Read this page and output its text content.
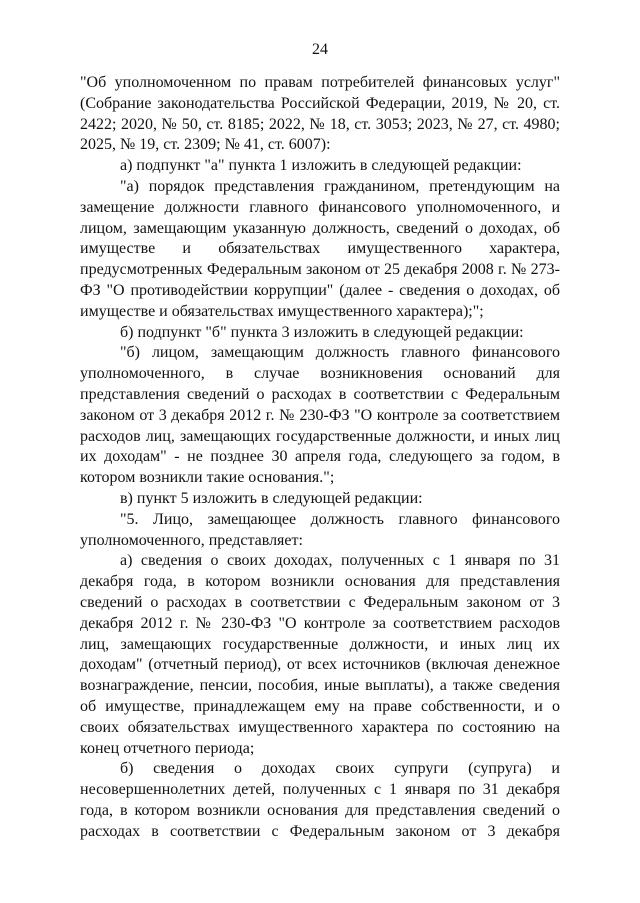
24

"Об уполномоченном по правам потребителей финансовых услуг" (Собрание законодательства Российской Федерации, 2019, № 20, ст. 2422; 2020, № 50, ст. 8185; 2022, № 18, ст. 3053; 2023, № 27, ст. 4980; 2025, № 19, ст. 2309; № 41, ст. 6007):

а) подпункт "а" пункта 1 изложить в следующей редакции:

"а) порядок представления гражданином, претендующим на замещение должности главного финансового уполномоченного, и лицом, замещающим указанную должность, сведений о доходах, об имуществе и обязательствах имущественного характера, предусмотренных Федеральным законом от 25 декабря 2008 г. № 273-ФЗ "О противодействии коррупции" (далее - сведения о доходах, об имуществе и обязательствах имущественного характера);";

б) подпункт "б" пункта 3 изложить в следующей редакции:

"б) лицом, замещающим должность главного финансового уполномоченного, в случае возникновения оснований для представления сведений о расходах в соответствии с Федеральным законом от 3 декабря 2012 г. № 230-ФЗ "О контроле за соответствием расходов лиц, замещающих государственные должности, и иных лиц их доходам" - не позднее 30 апреля года, следующего за годом, в котором возникли такие основания.";

в) пункт 5 изложить в следующей редакции:

"5. Лицо, замещающее должность главного финансового уполномоченного, представляет:

а) сведения о своих доходах, полученных с 1 января по 31 декабря года, в котором возникли основания для представления сведений о расходах в соответствии с Федеральным законом от 3 декабря 2012 г. № 230-ФЗ "О контроле за соответствием расходов лиц, замещающих государственные должности, и иных лиц их доходам" (отчетный период), от всех источников (включая денежное вознаграждение, пенсии, пособия, иные выплаты), а также сведения об имуществе, принадлежащем ему на праве собственности, и о своих обязательствах имущественного характера по состоянию на конец отчетного периода;

б) сведения о доходах своих супруги (супруга) и несовершеннолетних детей, полученных с 1 января по 31 декабря года, в котором возникли основания для представления сведений о расходах в соответствии с Федеральным законом от 3 декабря
